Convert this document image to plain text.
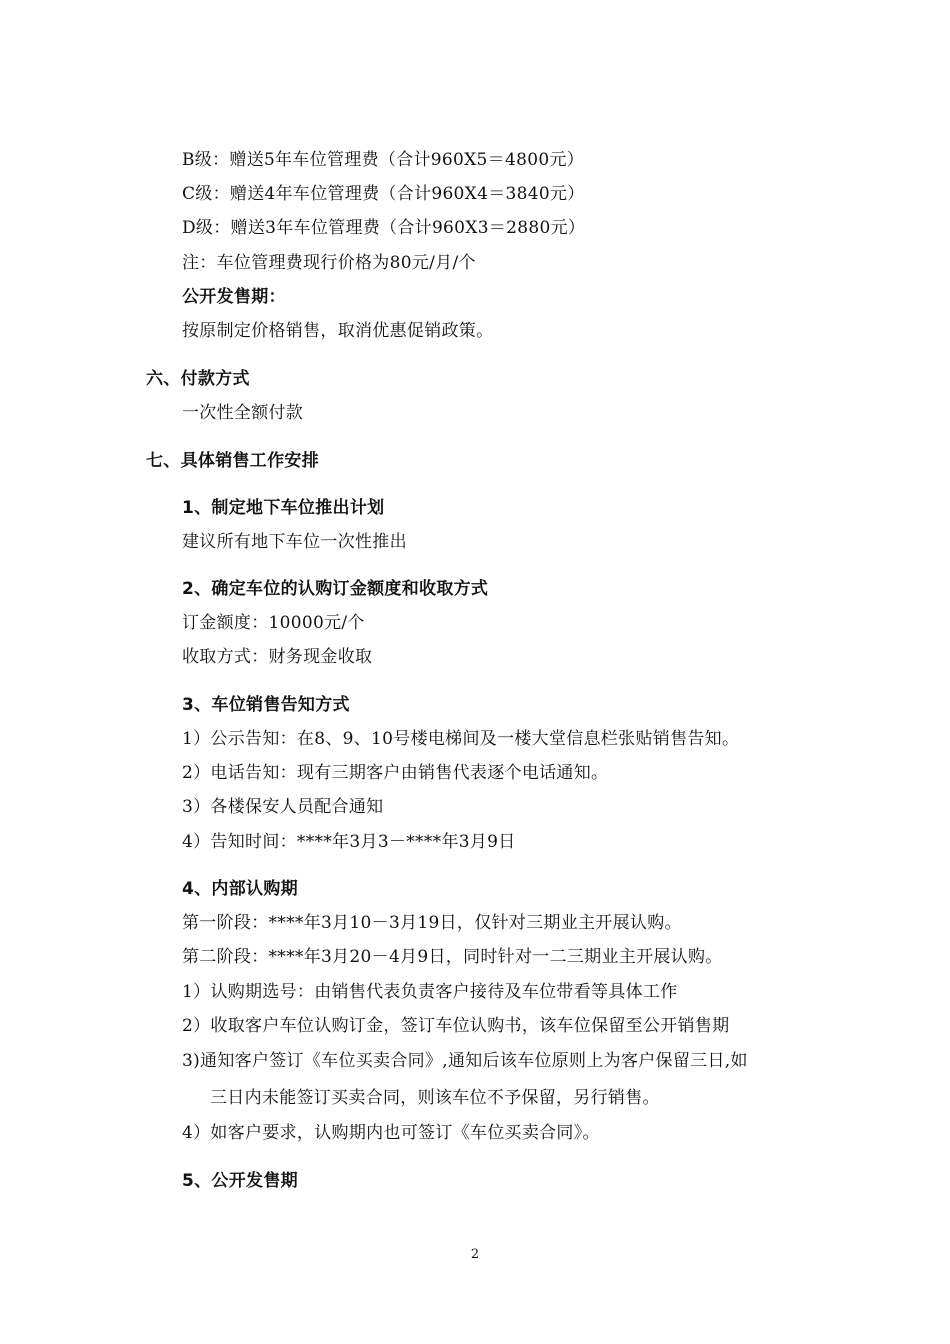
B级：赠送5年车位管理费（合计960X5＝4800元）
C级：赠送4年车位管理费（合计960X4＝3840元）
D级：赠送3年车位管理费（合计960X3＝2880元）
注：车位管理费现行价格为80元/月/个
公开发售期：
按原制定价格销售，取消优惠促销政策。
六、付款方式
一次性全额付款
七、具体销售工作安排
1、制定地下车位推出计划
建议所有地下车位一次性推出
2、确定车位的认购订金额度和收取方式
订金额度：10000元/个
收取方式：财务现金收取
3、车位销售告知方式
1）公示告知：在8、9、10号楼电梯间及一楼大堂信息栏张贴销售告知。
2）电话告知：现有三期客户由销售代表逐个电话通知。
3）各楼保安人员配合通知
4）告知时间：****年3月3－****年3月9日
4、内部认购期
第一阶段：****年3月10－3月19日，仅针对三期业主开展认购。
第二阶段：****年3月20－4月9日，同时针对一二三期业主开展认购。
1）认购期选号：由销售代表负责客户接待及车位带看等具体工作
2）收取客户车位认购订金，签订车位认购书，该车位保留至公开销售期
3)通知客户签订《车位买卖合同》,通知后该车位原则上为客户保留三日,如
三日内未能签订买卖合同，则该车位不予保留，另行销售。
4）如客户要求，认购期内也可签订《车位买卖合同》。
5、公开发售期
2
